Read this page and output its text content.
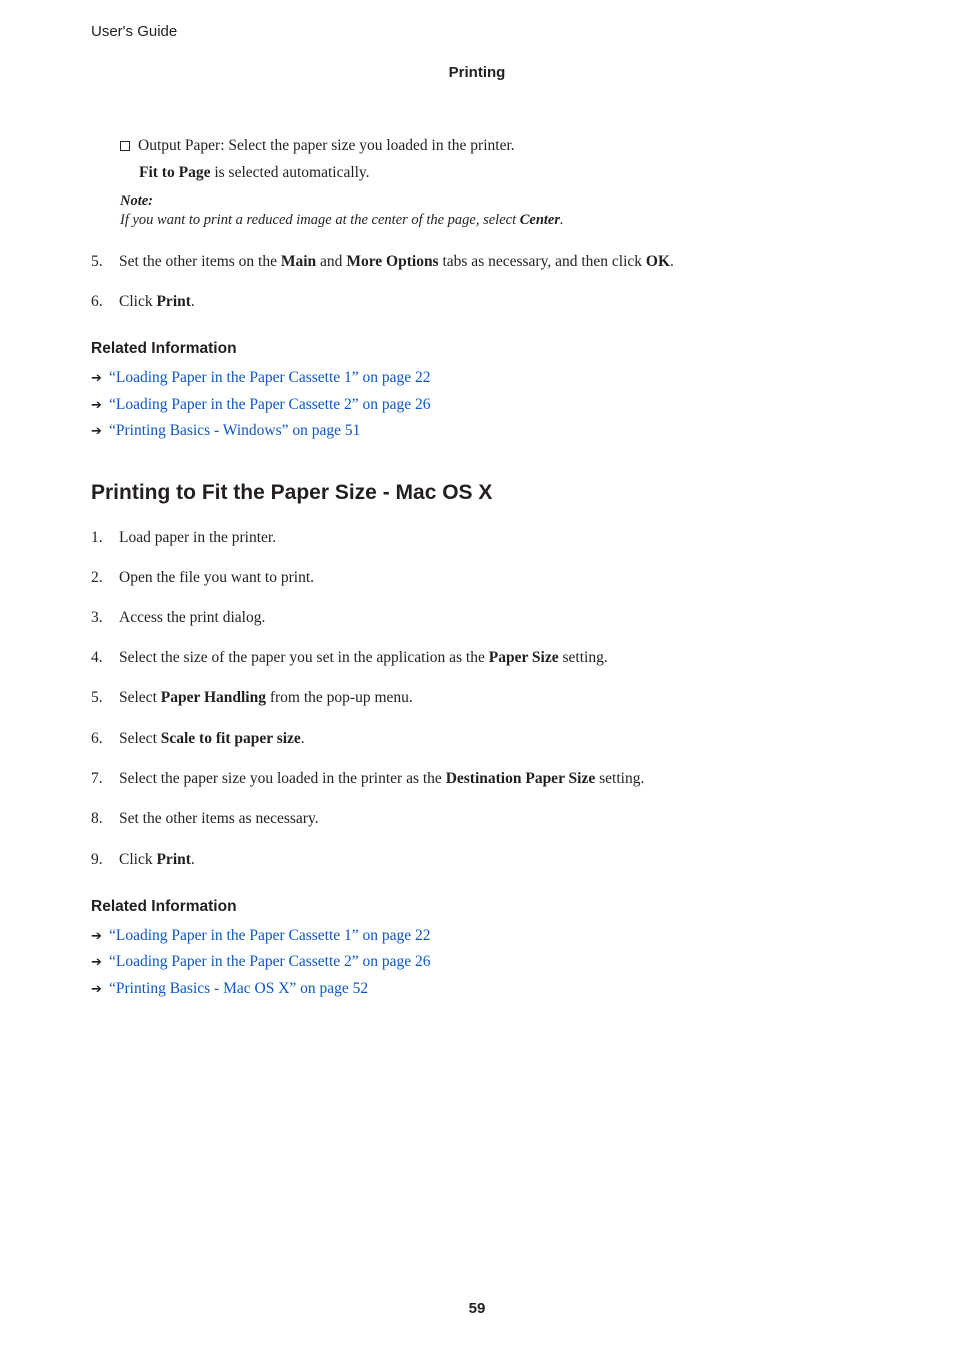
User's Guide
Printing
Output Paper: Select the paper size you loaded in the printer.
Fit to Page is selected automatically.
Note:
If you want to print a reduced image at the center of the page, select Center.
5. Set the other items on the Main and More Options tabs as necessary, and then click OK.
6. Click Print.
Related Information
➔ “Loading Paper in the Paper Cassette 1” on page 22
➔ “Loading Paper in the Paper Cassette 2” on page 26
➔ “Printing Basics - Windows” on page 51
Printing to Fit the Paper Size - Mac OS X
1. Load paper in the printer.
2. Open the file you want to print.
3. Access the print dialog.
4. Select the size of the paper you set in the application as the Paper Size setting.
5. Select Paper Handling from the pop-up menu.
6. Select Scale to fit paper size.
7. Select the paper size you loaded in the printer as the Destination Paper Size setting.
8. Set the other items as necessary.
9. Click Print.
Related Information
➔ “Loading Paper in the Paper Cassette 1” on page 22
➔ “Loading Paper in the Paper Cassette 2” on page 26
➔ “Printing Basics - Mac OS X” on page 52
59
